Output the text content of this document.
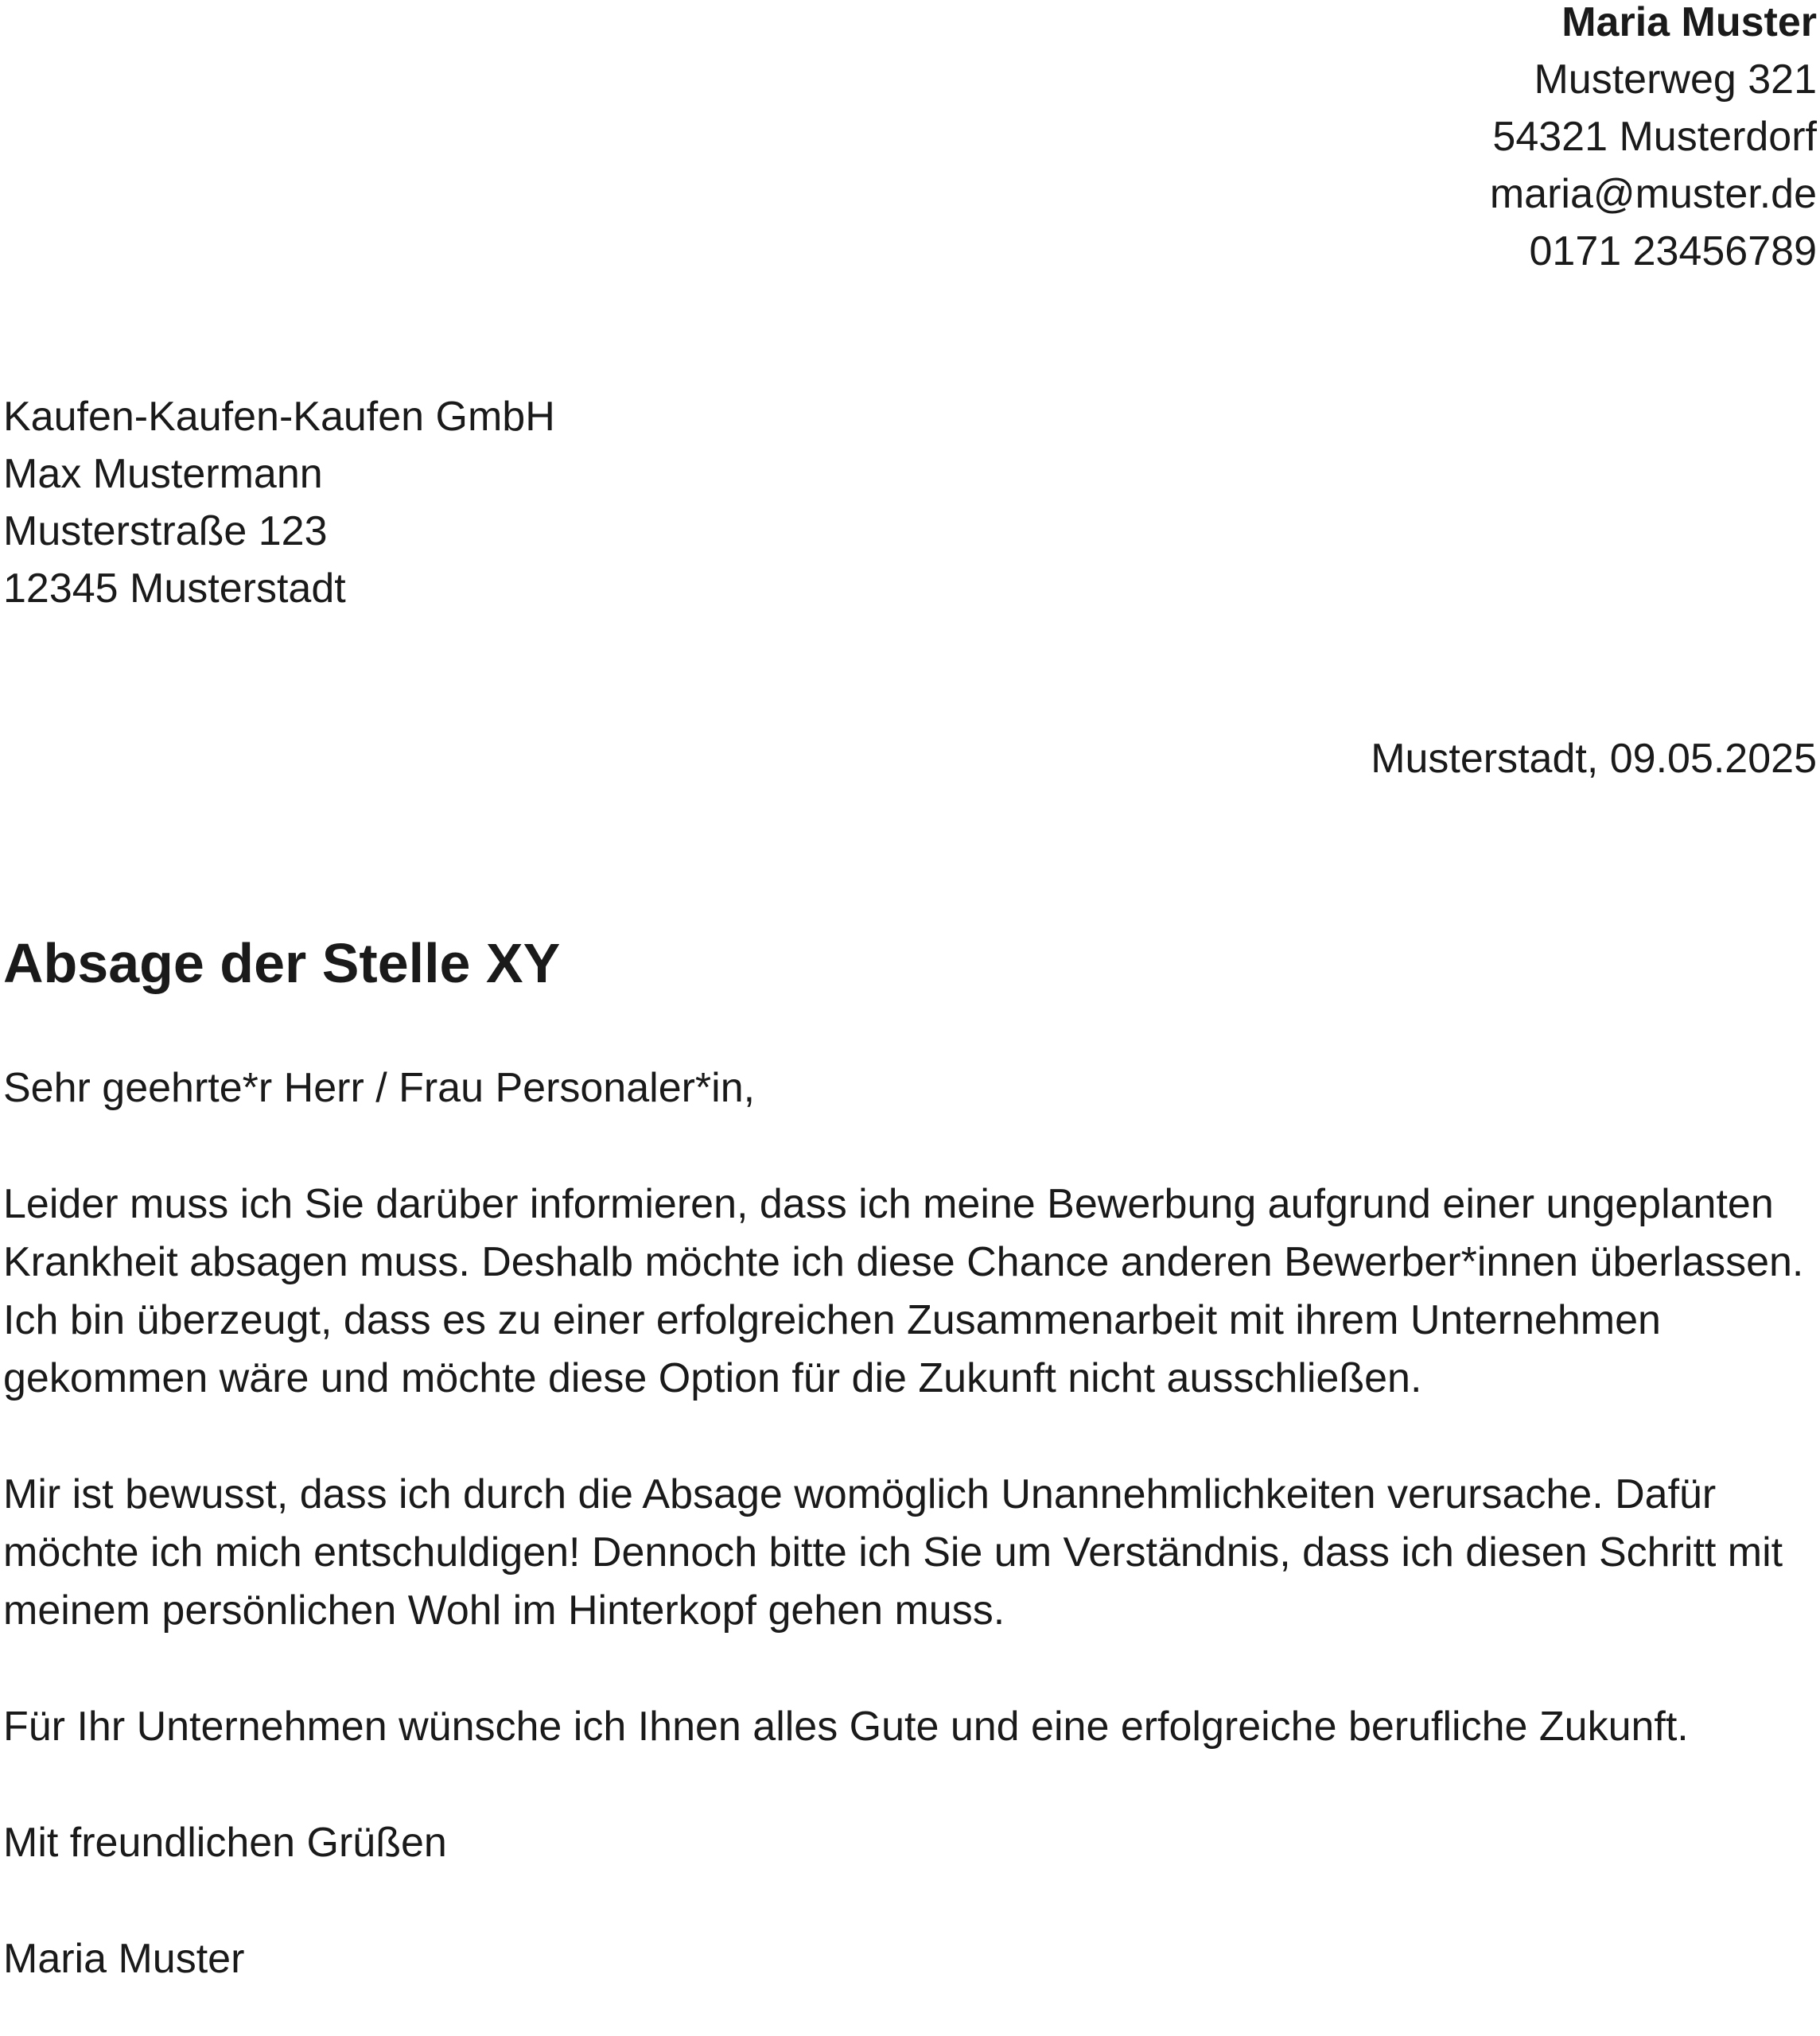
Maria Muster
Musterweg 321
54321 Musterdorf
maria@muster.de
0171 23456789
Kaufen-Kaufen-Kaufen GmbH
Max Mustermann
Musterstraße 123
12345 Musterstadt
Musterstadt, 09.05.2025
Absage der Stelle XY

Sehr geehrte*r Herr / Frau Personaler*in,

Leider muss ich Sie darüber informieren, dass ich meine Bewerbung aufgrund einer ungeplanten Krankheit absagen muss. Deshalb möchte ich diese Chance anderen Bewerber*innen überlassen. Ich bin überzeugt, dass es zu einer erfolgreichen Zusammenarbeit mit ihrem Unternehmen gekommen wäre und möchte diese Option für die Zukunft nicht ausschließen.

Mir ist bewusst, dass ich durch die Absage womöglich Unannehmlichkeiten verursache. Dafür möchte ich mich entschuldigen! Dennoch bitte ich Sie um Verständnis, dass ich diesen Schritt mit meinem persönlichen Wohl im Hinterkopf gehen muss.

Für Ihr Unternehmen wünsche ich Ihnen alles Gute und eine erfolgreiche berufliche Zukunft.

Mit freundlichen Grüßen

Maria Muster
